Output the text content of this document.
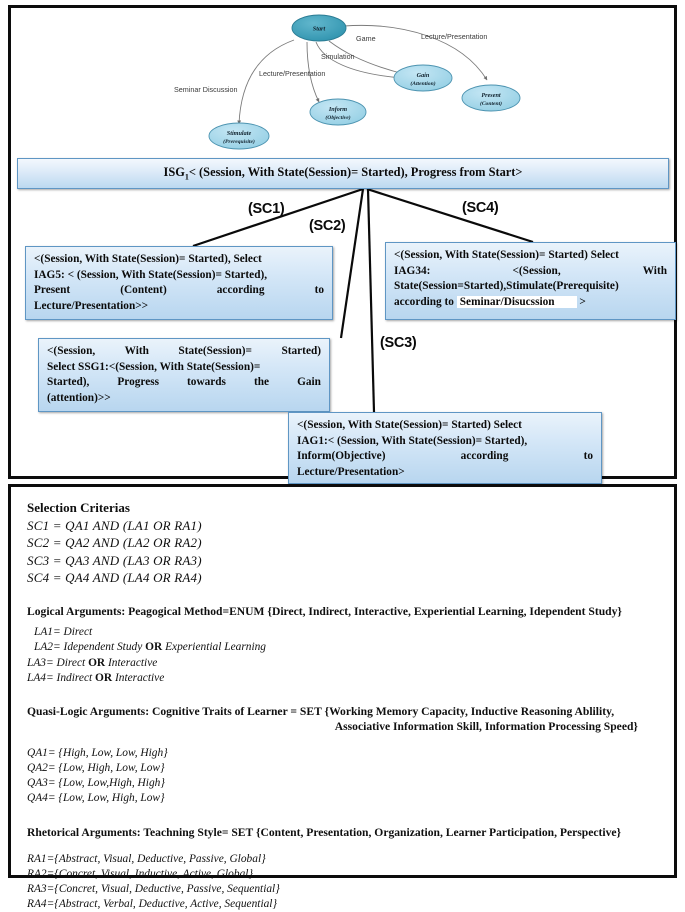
Game	Lecture/Presentation
Simulation
Lecture/Presentation
Seminar Discussion
Start
Gain
(Attention)
Present
(Content)
Inform
(Objective)
Stimulate
(Prerequisite)
$ISG_1<$ (Session, With State(Session)= Started), Progress from Start>
(SC1)
(SC2)
(SC3)
(SC4)

<(Session, With State(Session)= Started), Select

IAG5: < (Session, With State(Session)= Started),

Present	(Content)	according	to

Lecture/Presentation>>

<(Session, With State(Session)= Started) Select

IAG34:	<(Session,	With

State(Session=Started),Stimulate(Prerequisite)

according to Seminar/Disucssion >

<(Session,	With	State(Session)=	Started)

Select SSG1:<(Session, With State(Session)=

Started), Progress towards the Gain

(attention)>>

<(Session, With State(Session)= Started) Select

IAG1:< (Session, With State(Session)= Started),

Inform(Objective)	according	to

Lecture/Presentation>

Selection Criterias
SC1 = QA1 AND (LA1 OR RA1)
SC2 = QA2 AND (LA2 OR RA2)
SC3 = QA3 AND (LA3 OR RA3)
SC4 = QA4 AND (LA4 OR RA4)
Logical Arguments: Peagogical Method=ENUM {Direct, Indirect, Interactive, Experiential Learning, Idependent Study}
LA1= Direct
LA2= Idependent Study OR Experiential Learning
LA3= Direct OR Interactive
LA4= Indirect OR Interactive
Quasi-Logic Arguments: Cognitive Traits of Learner = SET {Working Memory Capacity, Inductive Reasoning Ablility,
Associative Information Skill, Information Processing Speed}
QA1= {High, Low, Low, High}
QA2= {Low, High, Low, Low}
QA3= {Low, Low,High, High}
QA4= {Low, Low, High, Low}
Rhetorical Arguments: Teachning Style= SET {Content, Presentation, Organization, Learner Participation, Perspective}
RA1={Abstract, Visual, Deductive, Passive, Global}
RA2={Concret, Visual, Inductive, Active, Global}
RA3={Concret, Visual, Deductive, Passive, Sequential}
RA4={Abstract, Verbal, Deductive, Active, Sequential}
